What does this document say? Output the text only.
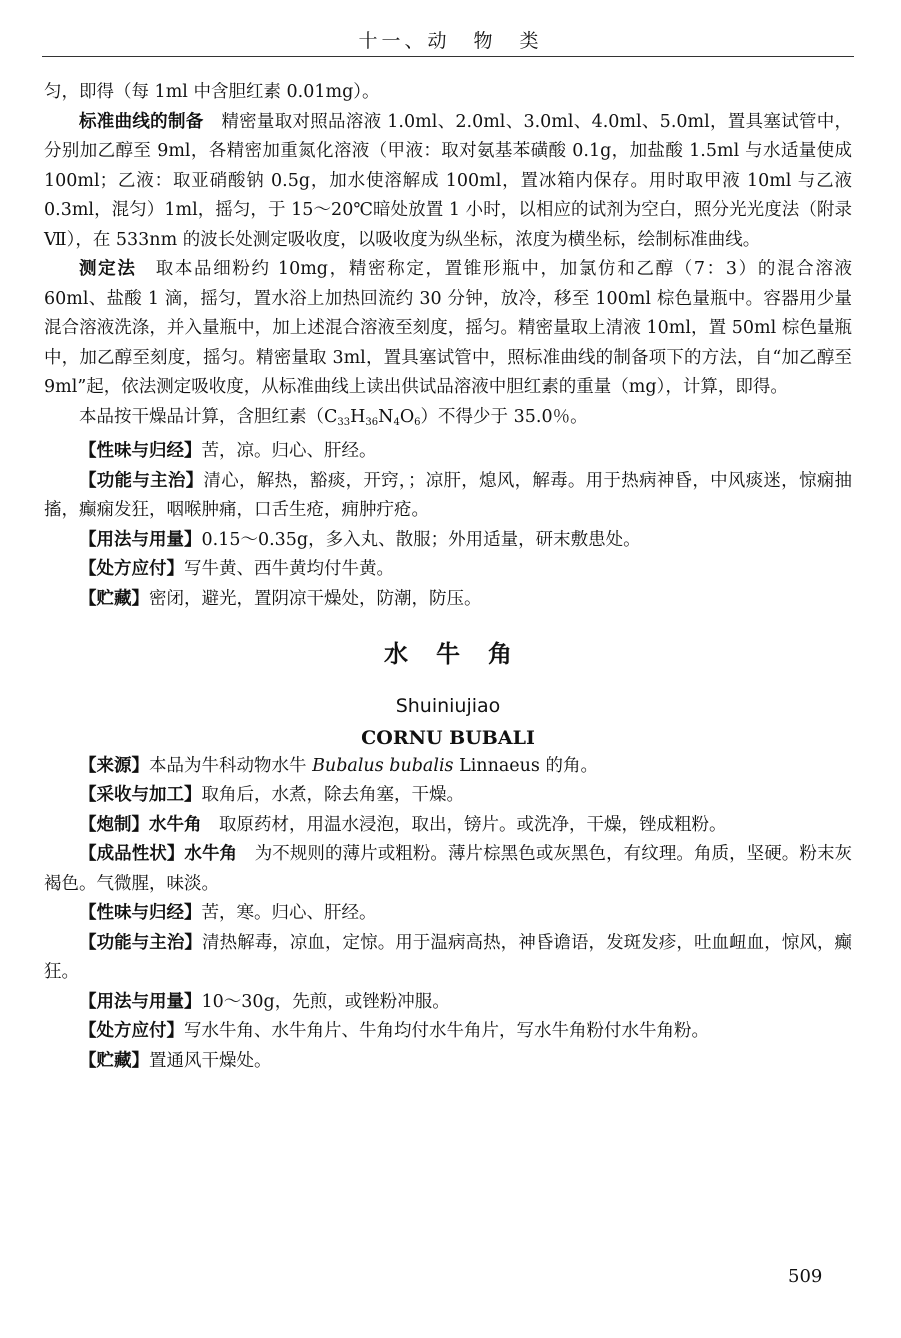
十一、动　物　类

匀，即得（每 1ml 中含胆红素 0.01mg）。

标准曲线的制备　 精密量取对照品溶液 1.0ml、2.0ml、3.0ml、4.0ml、5.0ml，置具塞试管中，分别加乙醇至 9ml，各精密加重氮化溶液（甲液：取对氨基苯磺酸 0.1g，加盐酸 1.5ml 与水适量使成 100ml；乙液：取亚硝酸钠 0.5g，加水使溶解成 100ml，置冰箱内保存。用时取甲液 10ml 与乙液 0.3ml，混匀）1ml，摇匀，于 15～20℃暗处放置 1 小时，以相应的试剂为空白，照分光光度法（附录Ⅶ），在 533nm 的波长处测定吸收度，以吸收度为纵坐标，浓度为横坐标，绘制标准曲线。

测定法　 取本品细粉约 10mg，精密称定，置锥形瓶中，加氯仿和乙醇（7：3）的混合溶液 60ml、盐酸 1 滴，摇匀，置水浴上加热回流约 30 分钟，放冷，移至 100ml 棕色量瓶中。容器用少量混合溶液洗涤，并入量瓶中，加上述混合溶液至刻度，摇匀。精密量取上清液 10ml，置 50ml 棕色量瓶中，加乙醇至刻度，摇匀。精密量取 3ml，置具塞试管中，照标准曲线的制备项下的方法，自“加乙醇至 9ml”起，依法测定吸收度，从标准曲线上读出供试品溶液中胆红素的重量（mg），计算，即得。

本品按干燥品计算，含胆红素$(C_{33}H_{36}N_4O_6)$不得少于 35.0％。

【性味与归经】苦，凉。归心、肝经。

【功能与主治】清心，解热，豁痰，开窍，；凉肝，熄风，解毒。用于热病神昏，中风痰迷，惊痫抽搐，癫痫发狂，咽喉肿痛，口舌生疮，痈肿疔疮。

【用法与用量】0.15～0.35g，多入丸、散服；外用适量，研末敷患处。

【处方应付】写牛黄、西牛黄均付牛黄。

【贮藏】密闭，避光，置阴凉干燥处，防潮，防压。

水牛角
Shuiniujiao
CORNU BUBALI

【来源】本品为牛科动物水牛 Bubalus bubalis Linnaeus 的角。

【采收与加工】取角后，水煮，除去角塞，干燥。

【炮制】水牛角　取原药材，用温水浸泡，取出，镑片。或洗净，干燥，锉成粗粉。

【成品性状】水牛角　为不规则的薄片或粗粉。薄片棕黑色或灰黑色，有纹理。角质，坚硬。粉末灰褐色。气微腥，味淡。

【性味与归经】苦，寒。归心、肝经。

【功能与主治】清热解毒，凉血，定惊。用于温病高热，神昏谵语，发斑发疹，吐血衄血，惊风，癫狂。

【用法与用量】10～30g，先煎，或锉粉冲服。

【处方应付】写水牛角、水牛角片、牛角均付水牛角片，写水牛角粉付水牛角粉。

【贮藏】置通风干燥处。

509
